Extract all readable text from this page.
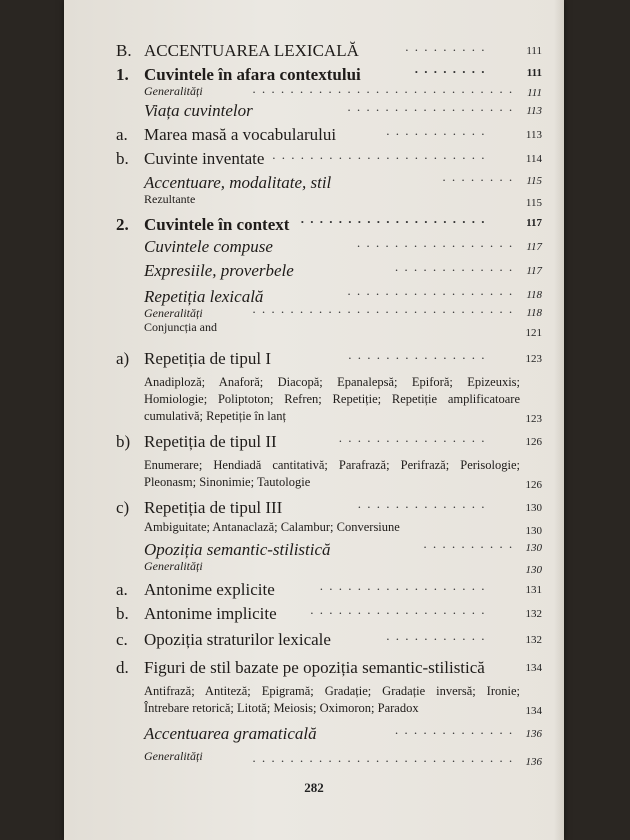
B. ACCENTUAREA LEXICALĂ	. . . . . . . . .	111
1. Cuvintele în afara contextului	. . . . . . . .	111
Generalități	. . . . . . . . . . . . . . . . . . . . . . . . . . . . 111
Viața cuvintelor	. . . . . . . . . . . . . . . . . . 113
a. Marea masă a vocabularului	. . . . . . . . . . .	113
b. Cuvinte inventate . . . . . . . . . . . . . . . . . . . . . . .	114
Accentuare, modalitate, stil	. . . . . . . . 115
Rezultante	115
2. Cuvintele în context . . . . . . . . . . . . . . . . . . . .	117
Cuvintele compuse	. . . . . . . . . . . . . . . . . 117
Expresiile, proverbele	. . . . . . . . . . . . . 117
Repetiția lexicală	. . . . . . . . . . . . . . . . . . 118
Generalități	. . . . . . . . . . . . . . . . . . . . . . . . . . . . 118
Conjuncția and	121
a) Repetiția de tipul I	. . . . . . . . . . . . . . .	123
Anadiploză; Anaforă; Diacopă; Epanalepsă; Epiforă; Epizeuxis; Homiologie; Poliptoton; Refren; Repetiție; Repetiție amplificatoare cumulativă; Repetiție în lanț	123
b) Repetiția de tipul II	. . . . . . . . . . . . . . . .	126
Enumerare; Hendiadă cantitativă; Parafrază; Perifrază; Perisologie; Pleonasm; Sinonimie; Tautologie	126
c) Repetiția de tipul III	. . . . . . . . . . . . . .	130
Ambiguitate; Antanaclază; Calambur; Conversiune	130
Opoziția semantic-stilistică	. . . . . . . . . . 130
Generalități	130
a. Antonime explicite	. . . . . . . . . . . . . . . . . .	131
b. Antonime implicite	. . . . . . . . . . . . . . . . . . .	132
c. Opoziția straturilor lexicale	. . . . . . . . . . .	132
d. Figuri de stil bazate pe opoziția semantic-stilistică	134
Antifrază; Antiteză; Epigramă; Gradație; Gradație inversă; Ironie; Întrebare retorică; Litotă; Meiosis; Oximoron; Paradox	134
Accentuarea gramaticală	. . . . . . . . . . . . . 136
Generalități	. . . . . . . . . . . . . . . . . . . . . . . . . . . . 136
282
